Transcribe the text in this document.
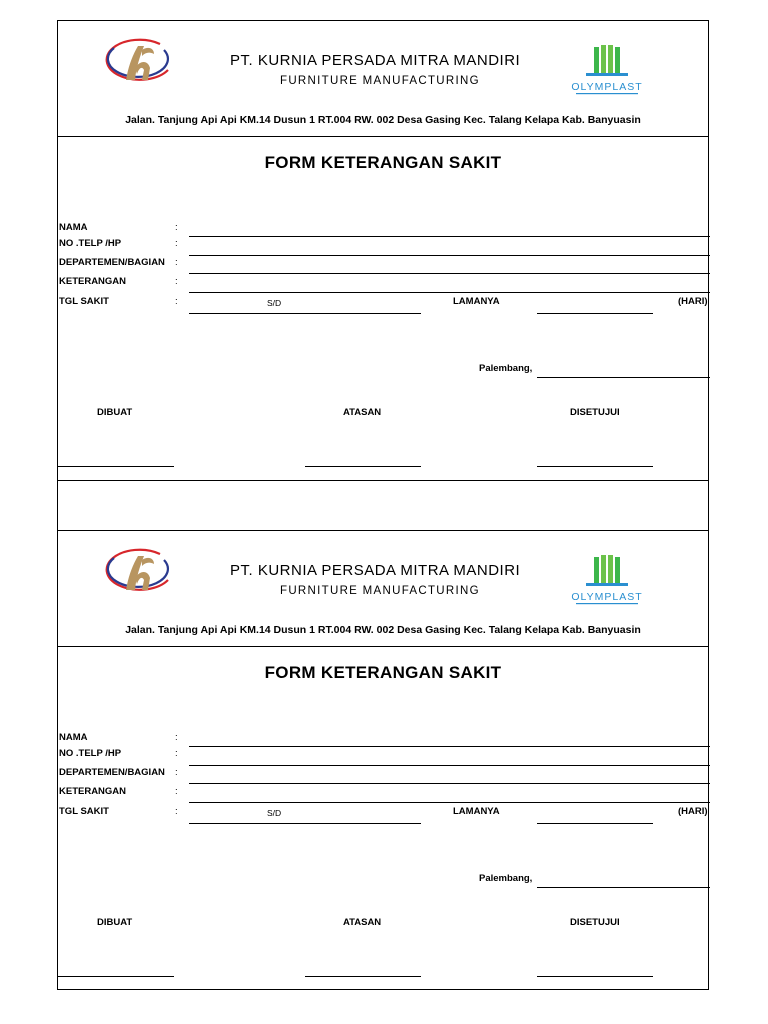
PT. KURNIA PERSADA MITRA MANDIRI
FURNITURE MANUFACTURING	OLYMPLAST
Jalan. Tanjung Api Api KM.14 Dusun 1 RT.004 RW. 002 Desa Gasing Kec. Talang Kelapa Kab. Banyuasin
FORM KETERANGAN SAKIT
NAMA	:
NO .TELP /HP	:
DEPARTEMEN/BAGIAN :
KETERANGAN	:
TGL SAKIT	:	S/D	LAMANYA	(HARI)
Palembang,
DIBUAT	ATASAN	DISETUJUI
PT. KURNIA PERSADA MITRA MANDIRI
FURNITURE MANUFACTURING	OLYMPLAST
Jalan. Tanjung Api Api KM.14 Dusun 1 RT.004 RW. 002 Desa Gasing Kec. Talang Kelapa Kab. Banyuasin
FORM KETERANGAN SAKIT
NAMA	:
NO .TELP /HP	:
DEPARTEMEN/BAGIAN :
KETERANGAN	:
TGL SAKIT	:	S/D	LAMANYA	(HARI)
Palembang,
DIBUAT	ATASAN	DISETUJUI
